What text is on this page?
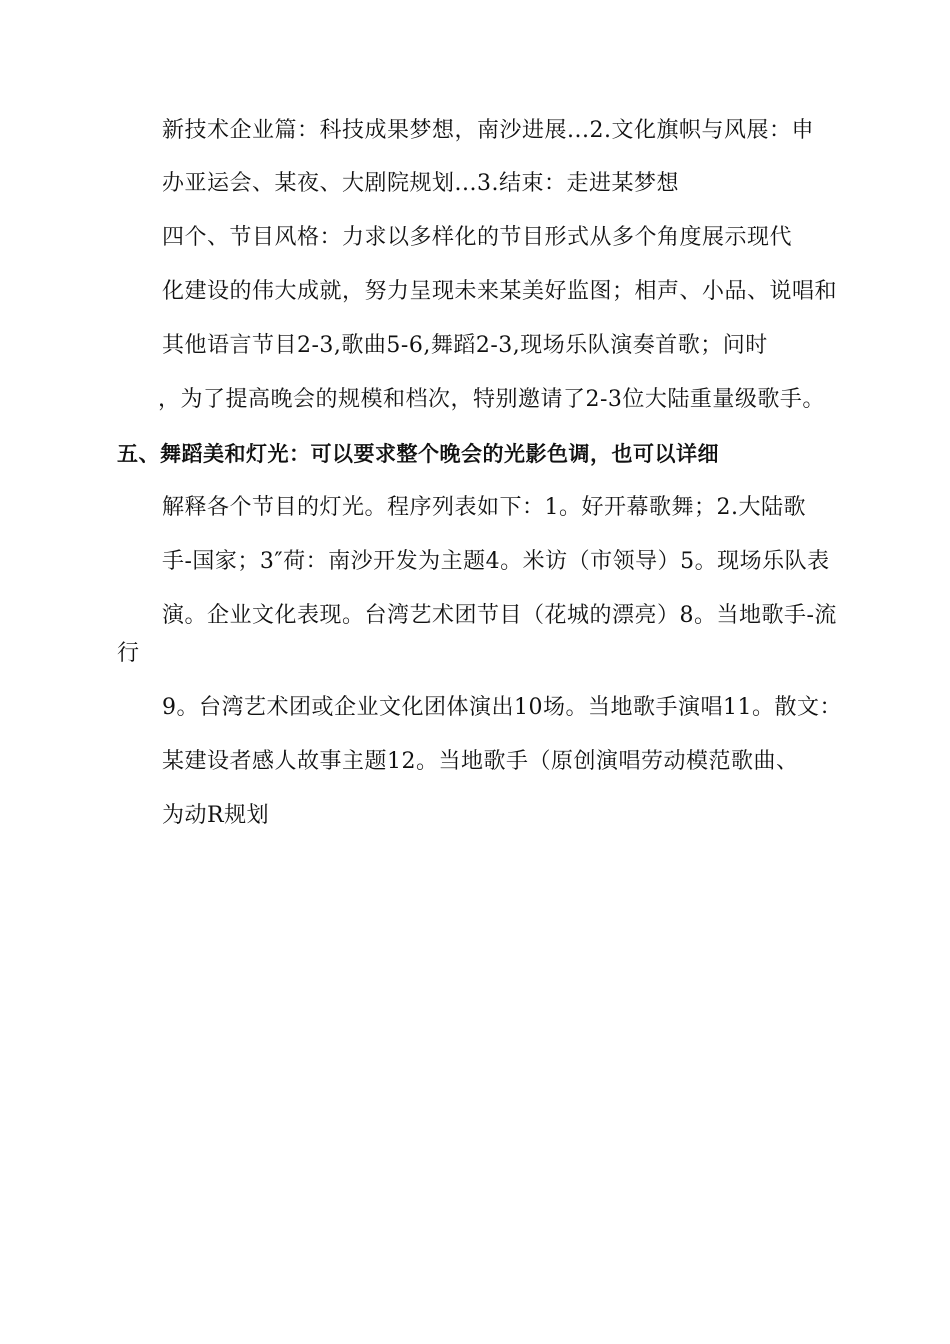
新技术企业篇：科技成果梦想，南沙进展...2.文化旗帜与风展：申
办亚运会、某夜、大剧院规划...3.结束：走进某梦想
四个、节目风格：力求以多样化的节目形式从多个角度展示现代
化建设的伟大成就，努力呈现未来某美好监图；相声、小品、说唱和
其他语言节目2-3,歌曲5-6,舞蹈2-3,现场乐队演奏首歌；问时
，为了提高晚会的规模和档次，特别邀请了2-3位大陆重量级歌手。
五、舞蹈美和灯光：可以要求整个晚会的光影色调，也可以详细
解释各个节目的灯光。程序列表如下：1。好开幕歌舞；2.大陆歌
手-国家；3″荷：南沙开发为主题4。米访（市领导）5。现场乐队表
演。企业文化表现。台湾艺术团节目（花城的漂亮）8。当地歌手-流
行
9。台湾艺术团或企业文化团体演出10场。当地歌手演唱11。散文：
某建设者感人故事主题12。当地歌手（原创演唱劳动模范歌曲、
为动R规划
